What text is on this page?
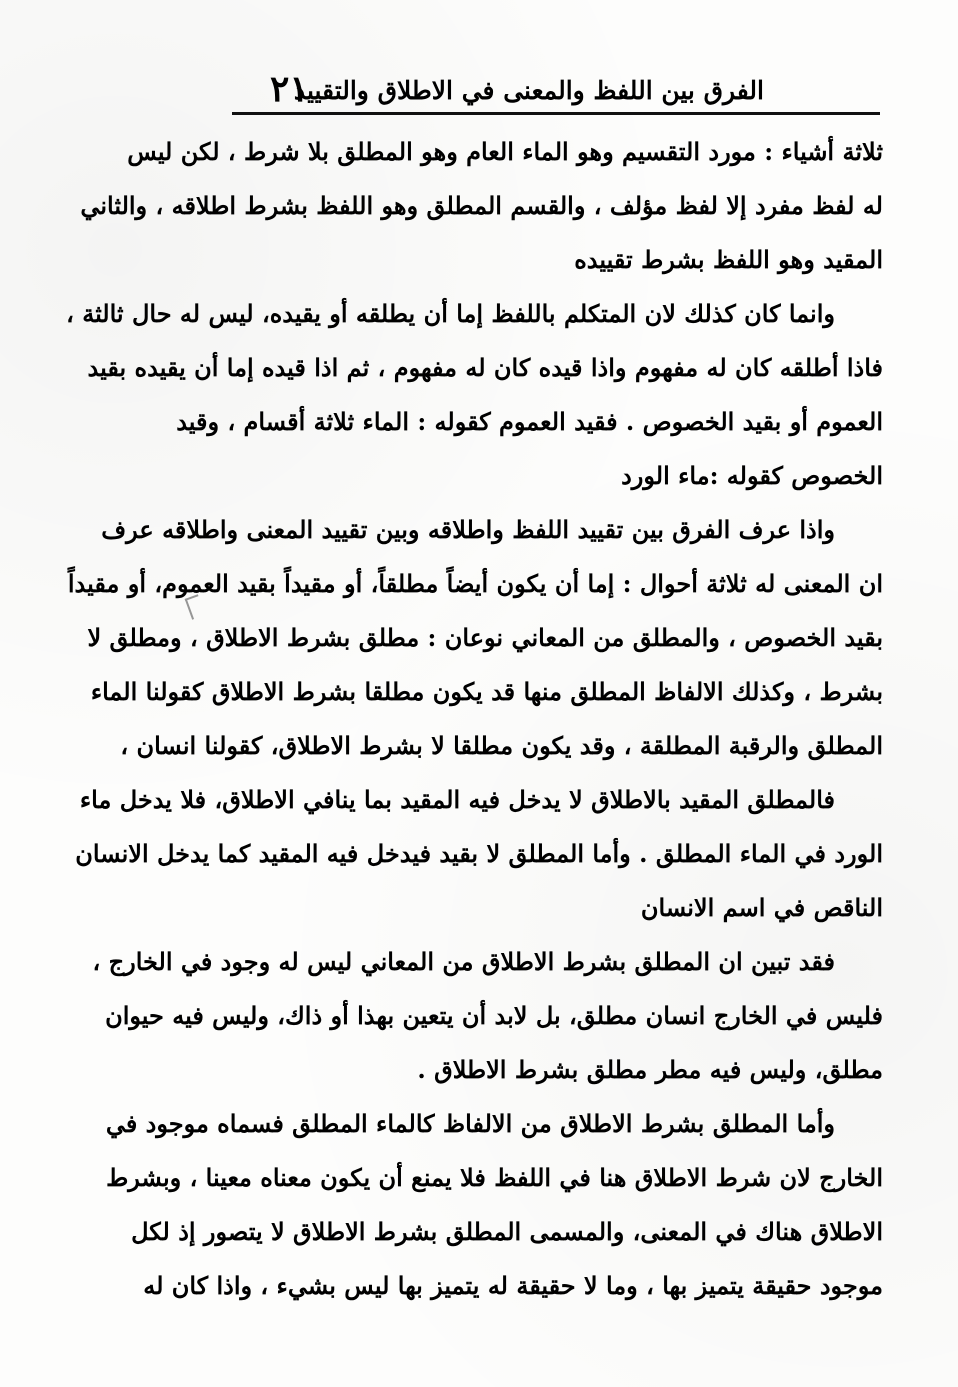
الفرق بين اللفظ والمعنى في الاطلاق والتقييد
٢١
ثلاثة أشياء : مورد التقسيم وهو الماء العام وهو المطلق بلا شرط ، لكن ليس
له لفظ مفرد إلا لفظ مؤلف ، والقسم المطلق وهو اللفظ بشرط اطلاقه ، والثاني
المقيد وهو اللفظ بشرط تقييده
وانما كان كذلك لان المتكلم باللفظ إما أن يطلقه أو يقيده، ليس له حال ثالثة ،
فاذا أطلقه كان له مفهوم واذا قيده كان له مفهوم ، ثم اذا قيده إما أن يقيده بقيد
العموم أو بقيد الخصوص . فقيد العموم كقوله : الماء ثلاثة أقسام ، وقيد
الخصوص كقوله :ماء الورد
واذا عرف الفرق بين تقييد اللفظ واطلاقه وبين تقييد المعنى واطلاقه عرف
ان المعنى له ثلاثة أحوال : إما أن يكون أيضاً مطلقاً، أو مقيداً بقيد العموم، أو مقيداً
بقيد الخصوص ، والمطلق من المعاني نوعان : مطلق بشرط الاطلاق ، ومطلق لا
بشرط ، وكذلك الالفاظ المطلق منها قد يكون مطلقا بشرط الاطلاق كقولنا الماء
المطلق والرقبة المطلقة ، وقد يكون مطلقا لا بشرط الاطلاق، كقولنا انسان ،
فالمطلق المقيد بالاطلاق لا يدخل فيه المقيد بما ينافي الاطلاق، فلا يدخل ماء
الورد في الماء المطلق . وأما المطلق لا بقيد فيدخل فيه المقيد كما يدخل الانسان
الناقص في اسم الانسان
فقد تبين ان المطلق بشرط الاطلاق من المعاني ليس له وجود في الخارج ،
فليس في الخارج انسان مطلق، بل لابد أن يتعين بهذا أو ذاك، وليس فيه حيوان
مطلق، وليس فيه مطر مطلق بشرط الاطلاق .
وأما المطلق بشرط الاطلاق من الالفاظ كالماء المطلق فسماه موجود في
الخارج لان شرط الاطلاق هنا في اللفظ فلا يمنع أن يكون معناه معينا ، وبشرط
الاطلاق هناك في المعنى، والمسمى المطلق بشرط الاطلاق لا يتصور إذ لكل
موجود حقيقة يتميز بها ، وما لا حقيقة له يتميز بها ليس بشيء ، واذا كان له
